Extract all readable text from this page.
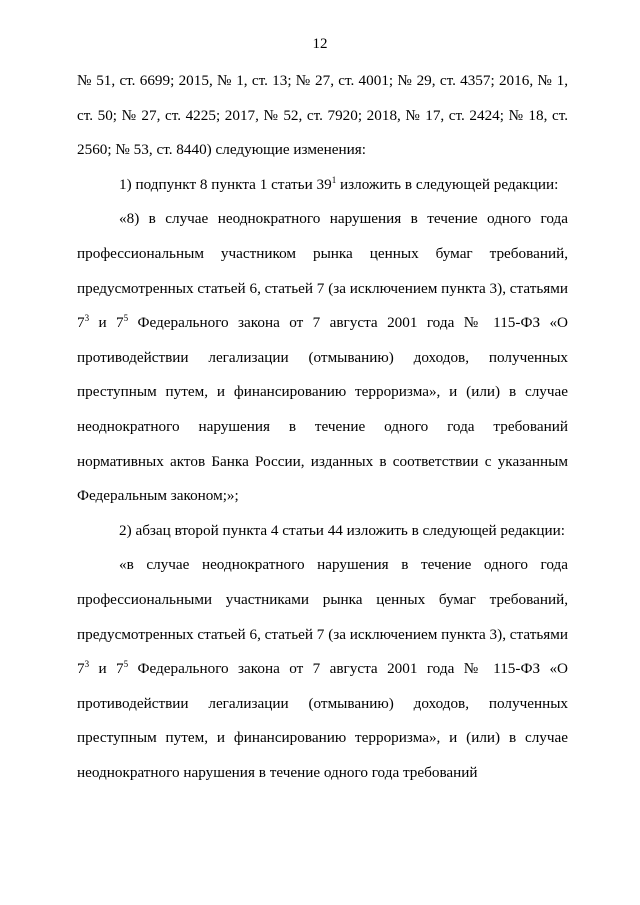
12

№ 51, ст. 6699; 2015, № 1, ст. 13; № 27, ст. 4001; № 29, ст. 4357; 2016, № 1, ст. 50; № 27, ст. 4225; 2017, № 52, ст. 7920; 2018, № 17, ст. 2424; № 18, ст. 2560; № 53, ст. 8440) следующие изменения:

1) подпункт 8 пункта 1 статьи $39^1$ изложить в следующей редакции:

«8) в случае неоднократного нарушения в течение одного года профессиональным участником рынка ценных бумаг требований, предусмотренных статьей 6, статьей 7 (за исключением пункта 3), статьями $7^3$ и $7^5$ Федерального закона от 7 августа 2001 года № 115-ФЗ «О противодействии легализации (отмыванию) доходов, полученных преступным путем, и финансированию терроризма», и (или) в случае неоднократного нарушения в течение одного года требований нормативных актов Банка России, изданных в соответствии с указанным Федеральным законом;»;

2) абзац второй пункта 4 статьи 44 изложить в следующей редакции:

«в случае неоднократного нарушения в течение одного года профессиональными участниками рынка ценных бумаг требований, предусмотренных статьей 6, статьей 7 (за исключением пункта 3), статьями $7^3$ и $7^5$ Федерального закона от 7 августа 2001 года № 115-ФЗ «О противодействии легализации (отмыванию) доходов, полученных преступным путем, и финансированию терроризма», и (или) в случае неоднократного нарушения в течение одного года требований
